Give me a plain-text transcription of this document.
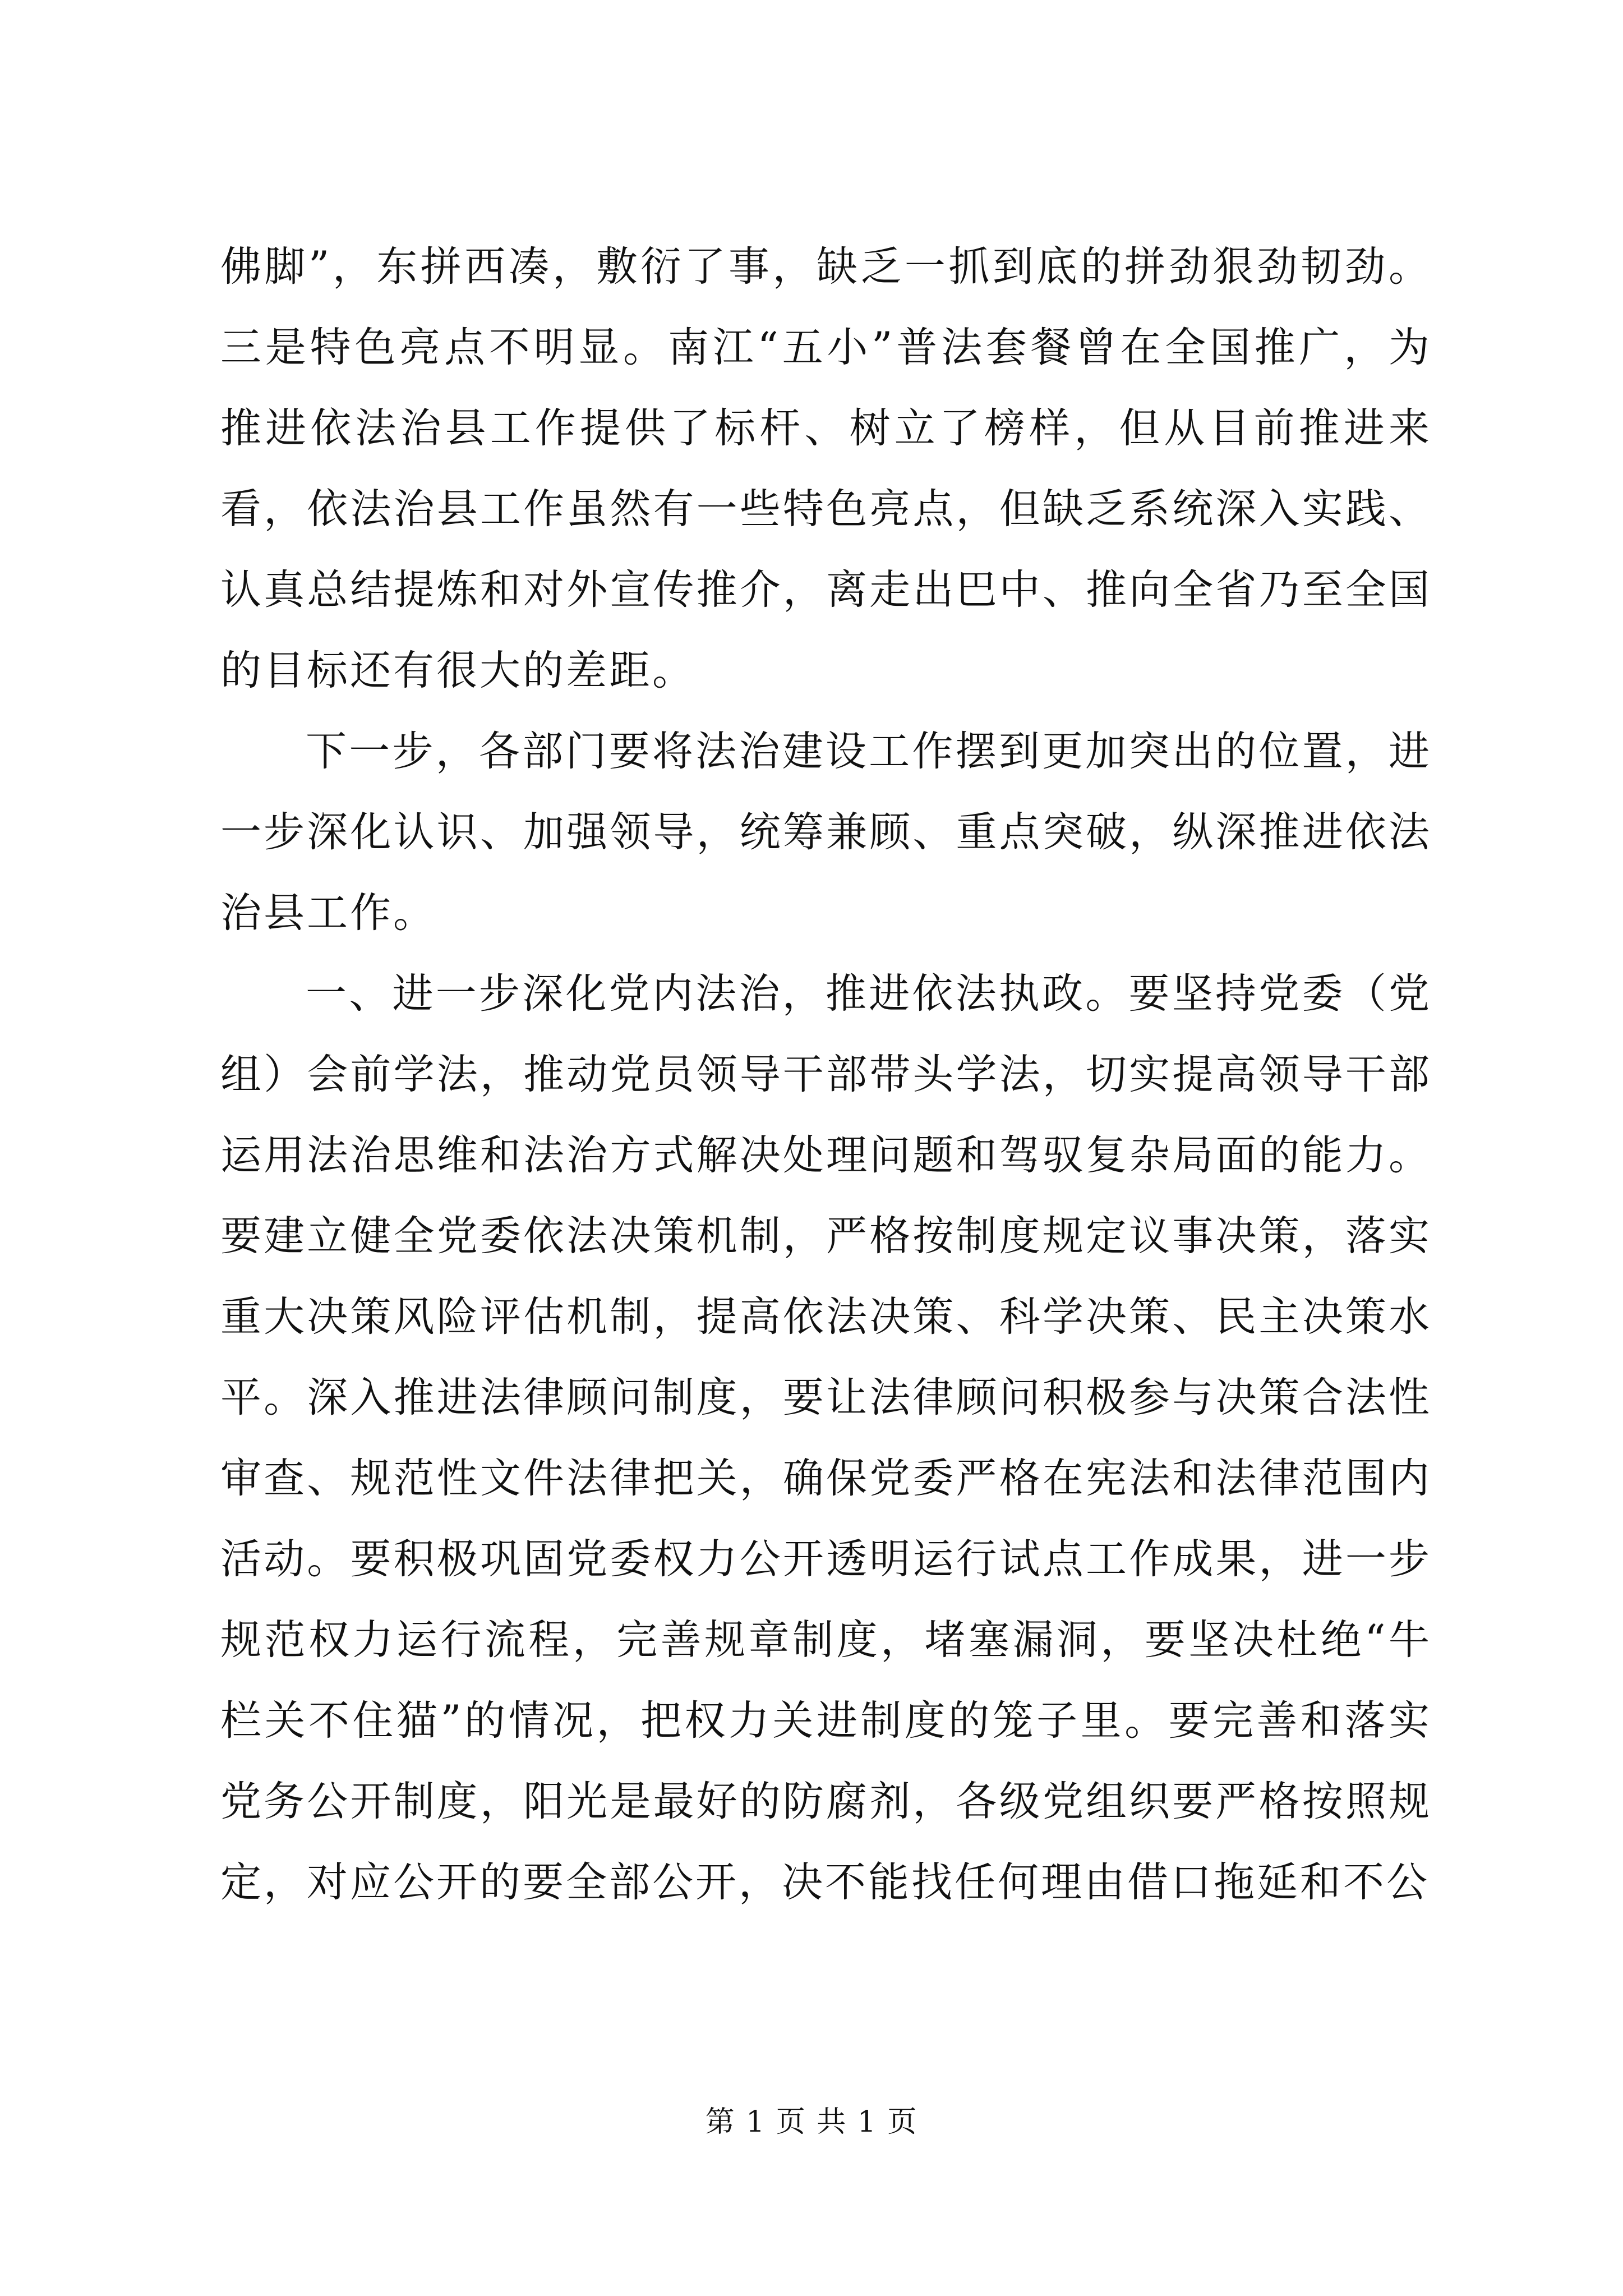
佛脚”，东拼西凑，敷衍了事，缺乏一抓到底的拼劲狠劲韧劲。三是特色亮点不明显。南江“五小”普法套餐曾在全国推广，为推进依法治县工作提供了标杆、树立了榜样，但从目前推进来看，依法治县工作虽然有一些特色亮点，但缺乏系统深入实践、认真总结提炼和对外宣传推介，离走出巴中、推向全省乃至全国的目标还有很大的差距。

下一步，各部门要将法治建设工作摆到更加突出的位置，进一步深化认识、加强领导，统筹兼顾、重点突破，纵深推进依法治县工作。

一、进一步深化党内法治，推进依法执政。要坚持党委（党组）会前学法，推动党员领导干部带头学法，切实提高领导干部运用法治思维和法治方式解决处理问题和驾驭复杂局面的能力。要建立健全党委依法决策机制，严格按制度规定议事决策，落实重大决策风险评估机制，提高依法决策、科学决策、民主决策水平。深入推进法律顾问制度，要让法律顾问积极参与决策合法性审查、规范性文件法律把关，确保党委严格在宪法和法律范围内活动。要积极巩固党委权力公开透明运行试点工作成果，进一步规范权力运行流程，完善规章制度，堵塞漏洞，要坚决杜绝“牛栏关不住猫”的情况，把权力关进制度的笼子里。要完善和落实党务公开制度，阳光是最好的防腐剂，各级党组织要严格按照规定，对应公开的要全部公开，决不能找任何理由借口拖延和不公

第 1 页 共 1 页
